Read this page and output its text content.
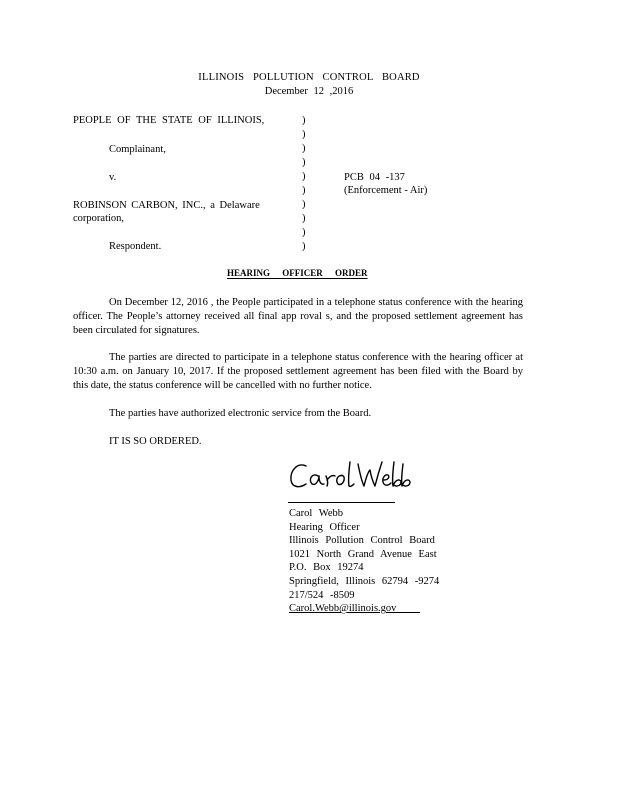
ILLINOIS POLLUTION CONTROL BOARD
December 12 ,2016
PEOPLE OF THE STATE OF ILLINOIS,
Complainant,
v.
ROBINSON CARBON, INC., a Delaware
corporation,
Respondent.
)
)
)
)
)
)
)
)
)
)
PCB 04 -137
(Enforcement - Air)
HEARING OFFICER ORDER
On December 12, 2016 , the People participated in a telephone status conference with the hearing officer. The People’s attorney received all final app roval s, and the proposed settlement agreement has been circulated for signatures.
The parties are directed to participate in a telephone status conference with the hearing officer at 10:30 a.m. on January 10, 2017. If the proposed settlement agreement has been filed with the Board by this date, the status conference will be cancelled with no further notice.
The parties have authorized electronic service from the Board.
IT IS SO ORDERED.
Carol Webb
Hearing Officer
Illinois Pollution Control Board
1021 North Grand Avenue East
P.O. Box 19274
Springfield, Illinois 62794 -9274
217/524 -8509
Carol.Webb@illinois.gov
